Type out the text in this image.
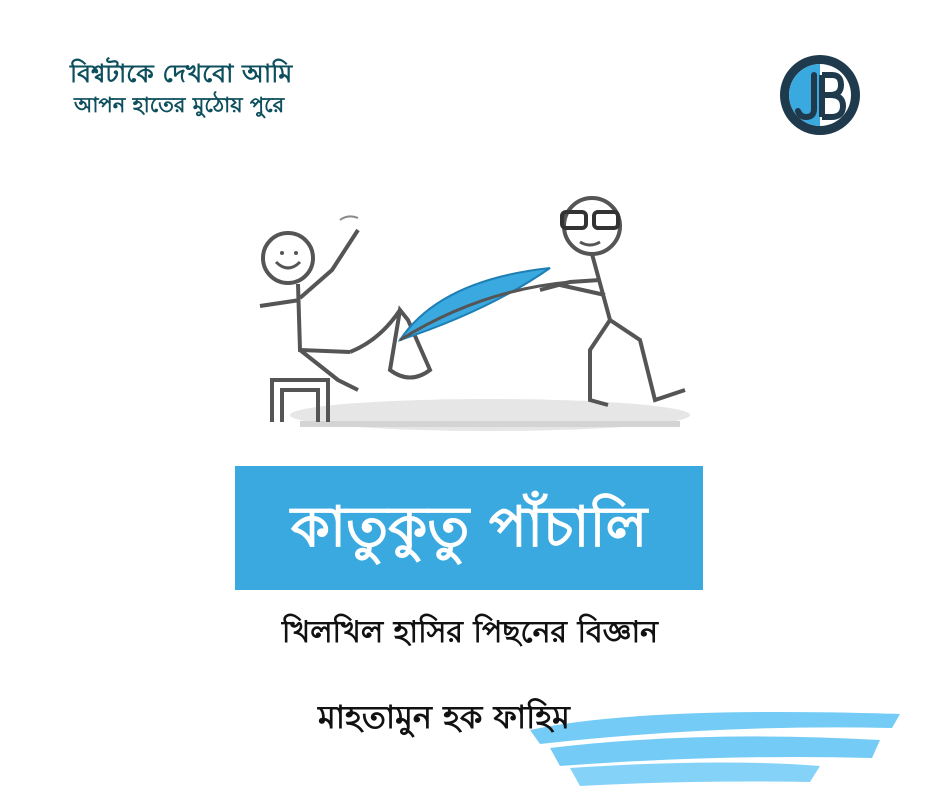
বিশ্বটাকে দেখবো আমি
আপন হাতের মুঠোয় পুরে
কাতুকুতু পাঁচালি
খিলখিল হাসির পিছনের বিজ্ঞান
মাহতামুন হক ফাহিম
